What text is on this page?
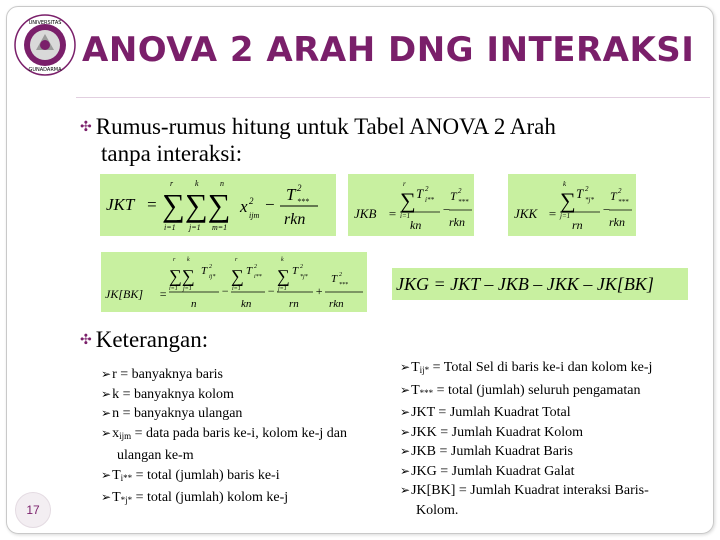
UNIVERSITAS
GUNADARMA ANOVA 2 ARAH DNG INTERAKSI
✣ Rumus-rumus hitung untuk Tabel ANOVA 2 Arah
tanpa interaksi:
JKT = ∑∑∑
r	k	n
i=1 j=1 m=1
x 2
ijm
−
T 2
***
rkn	JKB =
∑
r
i=1
T 2
i**
kn
−
T 2
***
rkn
JKK =
∑
k
j=1
T 2
*j*
rn
−
T 2
***
rkn
JK[BK] =
∑∑
r k
i=1 j=1
T 2
ij*
n
−
∑
r
i=1
T 2
i**
kn
−
∑
k
j=1
T 2
*j*
rn
+
T 2
***
rkn
JKG = JKT – JKB – JKK – JK[BK]
✣ Keterangan:
➢r = banyaknya baris
➢k = banyaknya kolom
➢n = banyaknya ulangan
$➢x_{ijm}$ = data pada baris ke-i, kolom ke-j dan
ulangan ke-m
$➢T_{i**}$ = total (jumlah) baris ke-i
$➢T_{*j*}$ = total (jumlah) kolom ke-j
$➢T_{ij*}$ = Total Sel di baris ke-i dan kolom ke-j
$➢T_{***}$ = total (jumlah) seluruh pengamatan
➢JKT = Jumlah Kuadrat Total
➢JKK = Jumlah Kuadrat Kolom
➢JKB = Jumlah Kuadrat Baris
➢JKG = Jumlah Kuadrat Galat
➢JK[BK] = Jumlah Kuadrat interaksi Baris-
Kolom.
17
